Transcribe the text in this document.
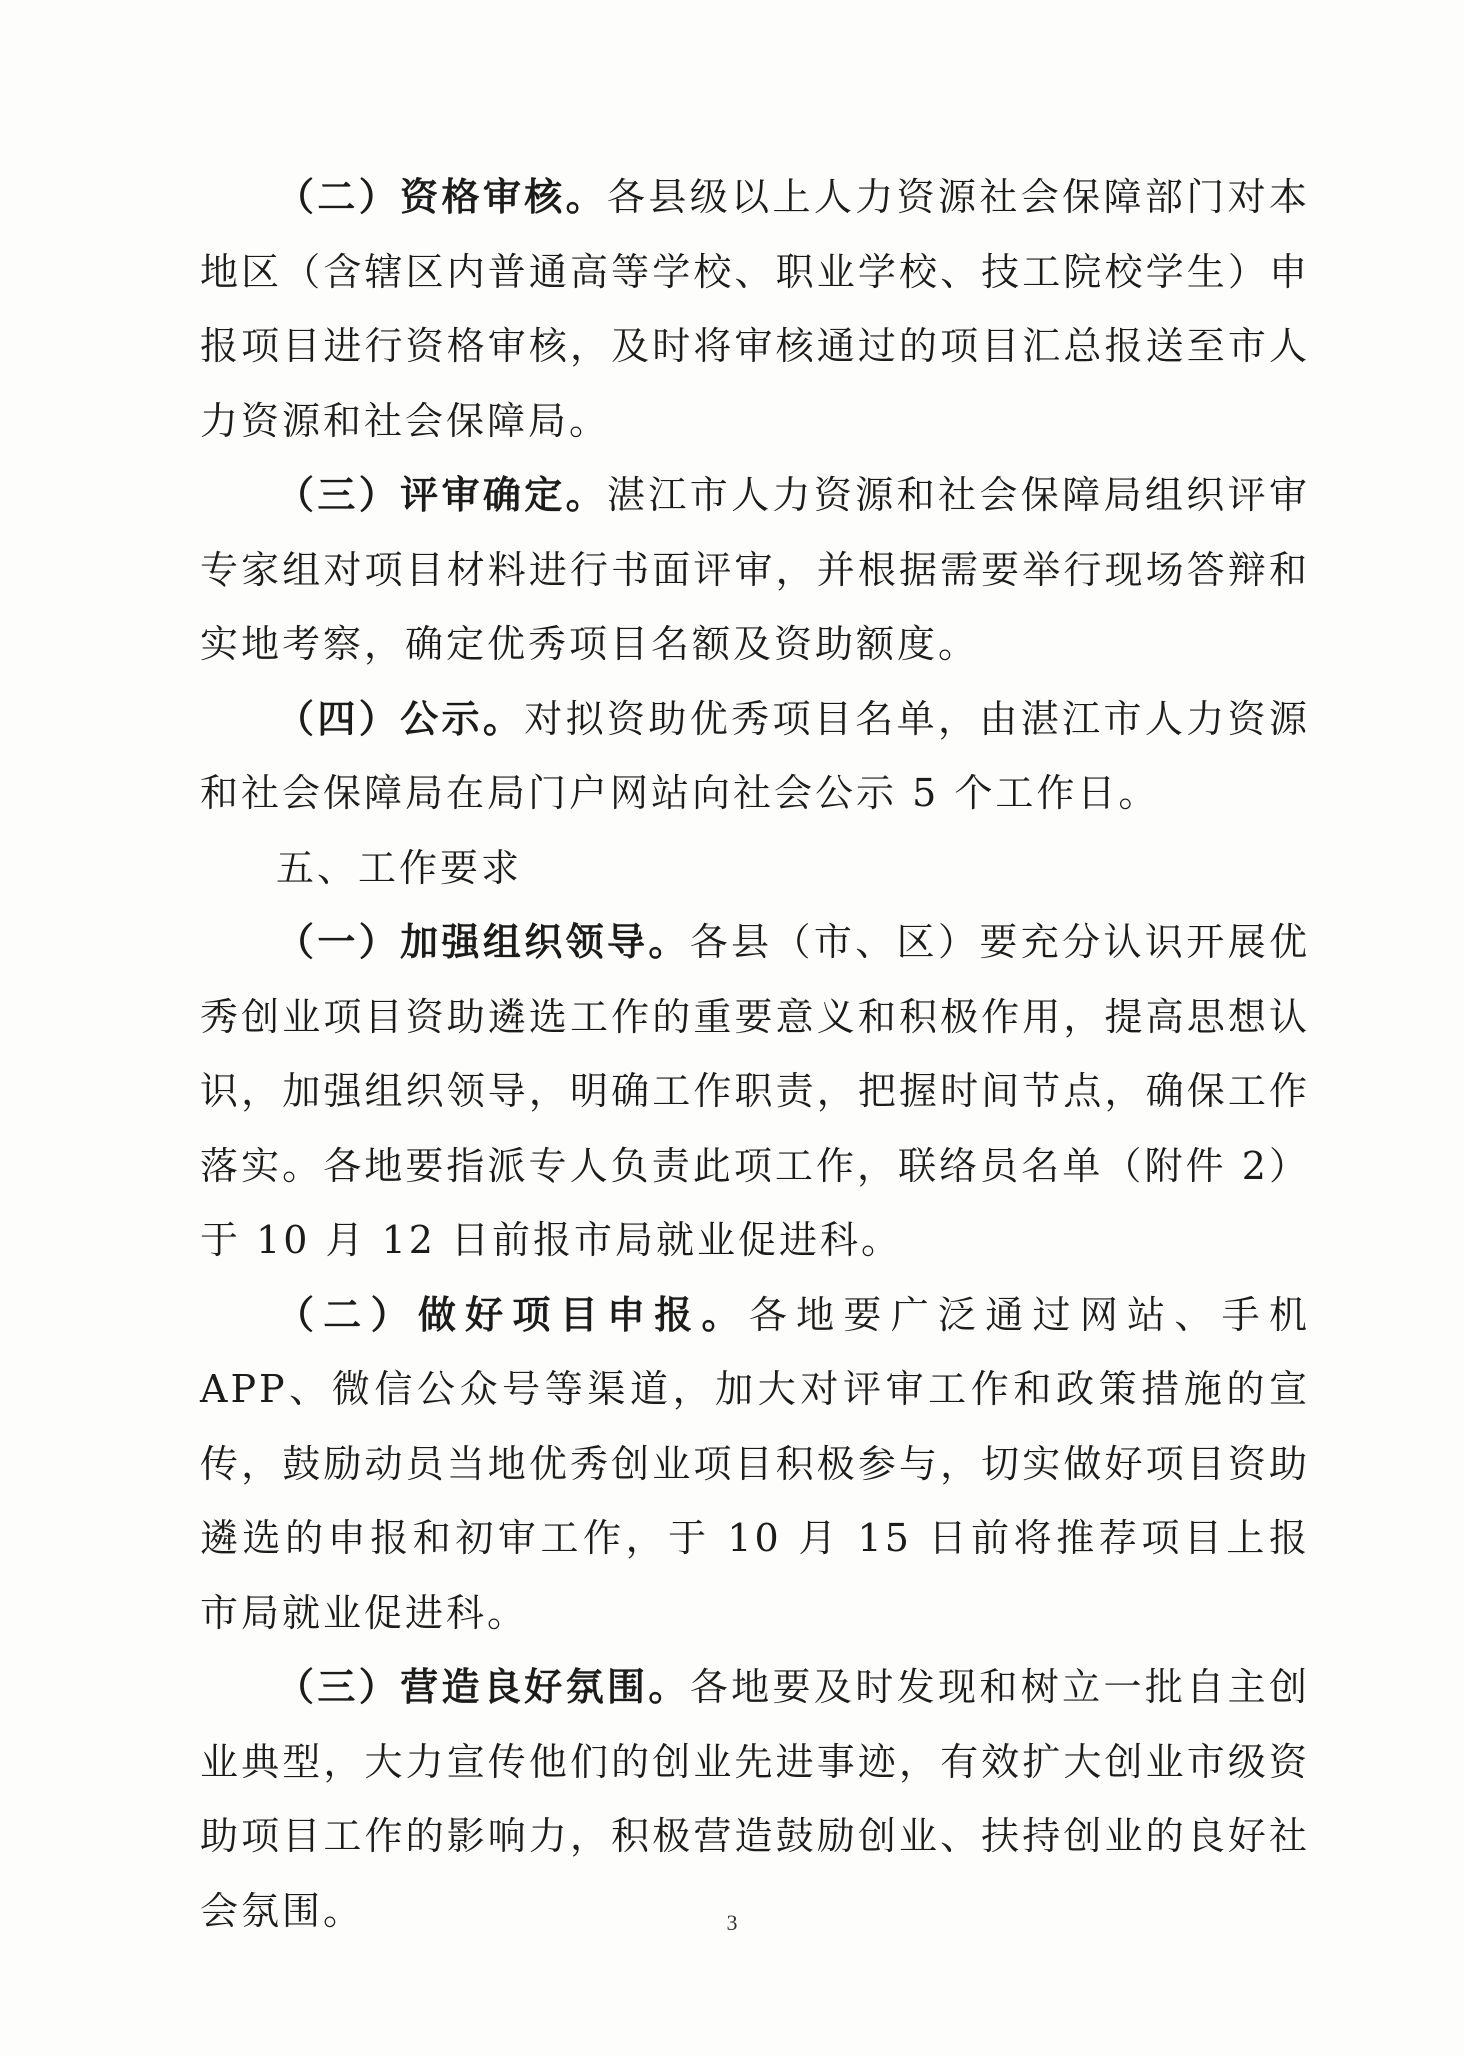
（二）资格审核。各县级以上人力资源社会保障部门对本地区（含辖区内普通高等学校、职业学校、技工院校学生）申报项目进行资格审核，及时将审核通过的项目汇总报送至市人力资源和社会保障局。

（三）评审确定。湛江市人力资源和社会保障局组织评审专家组对项目材料进行书面评审，并根据需要举行现场答辩和实地考察，确定优秀项目名额及资助额度。

（四）公示。对拟资助优秀项目名单，由湛江市人力资源和社会保障局在局门户网站向社会公示 5 个工作日。

五、工作要求

（一）加强组织领导。各县（市、区）要充分认识开展优秀创业项目资助遴选工作的重要意义和积极作用，提高思想认识，加强组织领导，明确工作职责，把握时间节点，确保工作落实。各地要指派专人负责此项工作，联络员名单（附件 2）于 10 月 12 日前报市局就业促进科。

（二）做好项目申报。各地要广泛通过网站、手机 APP、微信公众号等渠道，加大对评审工作和政策措施的宣传，鼓励动员当地优秀创业项目积极参与，切实做好项目资助遴选的申报和初审工作，于 10 月 15 日前将推荐项目上报市局就业促进科。

（三）营造良好氛围。各地要及时发现和树立一批自主创业典型，大力宣传他们的创业先进事迹，有效扩大创业市级资助项目工作的影响力，积极营造鼓励创业、扶持创业的良好社会氛围。	3
